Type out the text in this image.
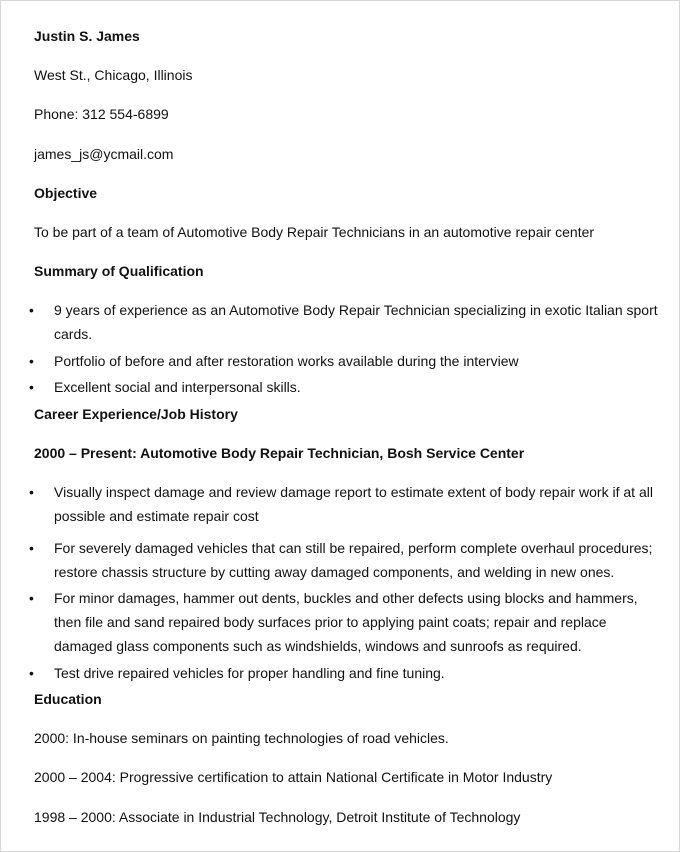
Justin S. James
West St., Chicago, Illinois
Phone: 312 554-6899
james_js@ycmail.com
Objective
To be part of a team of Automotive Body Repair Technicians in an automotive repair center
Summary of Qualification
• 9 years of experience as an Automotive Body Repair Technician specializing in exotic Italian sport cards.
• Portfolio of before and after restoration works available during the interview
• Excellent social and interpersonal skills.
Career Experience/Job History
2000 – Present: Automotive Body Repair Technician, Bosh Service Center
• Visually inspect damage and review damage report to estimate extent of body repair work if at all possible and estimate repair cost
• For severely damaged vehicles that can still be repaired, perform complete overhaul procedures; restore chassis structure by cutting away damaged components, and welding in new ones.
• For minor damages, hammer out dents, buckles and other defects using blocks and hammers, then file and sand repaired body surfaces prior to applying paint coats; repair and replace damaged glass components such as windshields, windows and sunroofs as required.
• Test drive repaired vehicles for proper handling and fine tuning.
Education
2000: In-house seminars on painting technologies of road vehicles.
2000 – 2004: Progressive certification to attain National Certificate in Motor Industry
1998 – 2000: Associate in Industrial Technology, Detroit Institute of Technology
